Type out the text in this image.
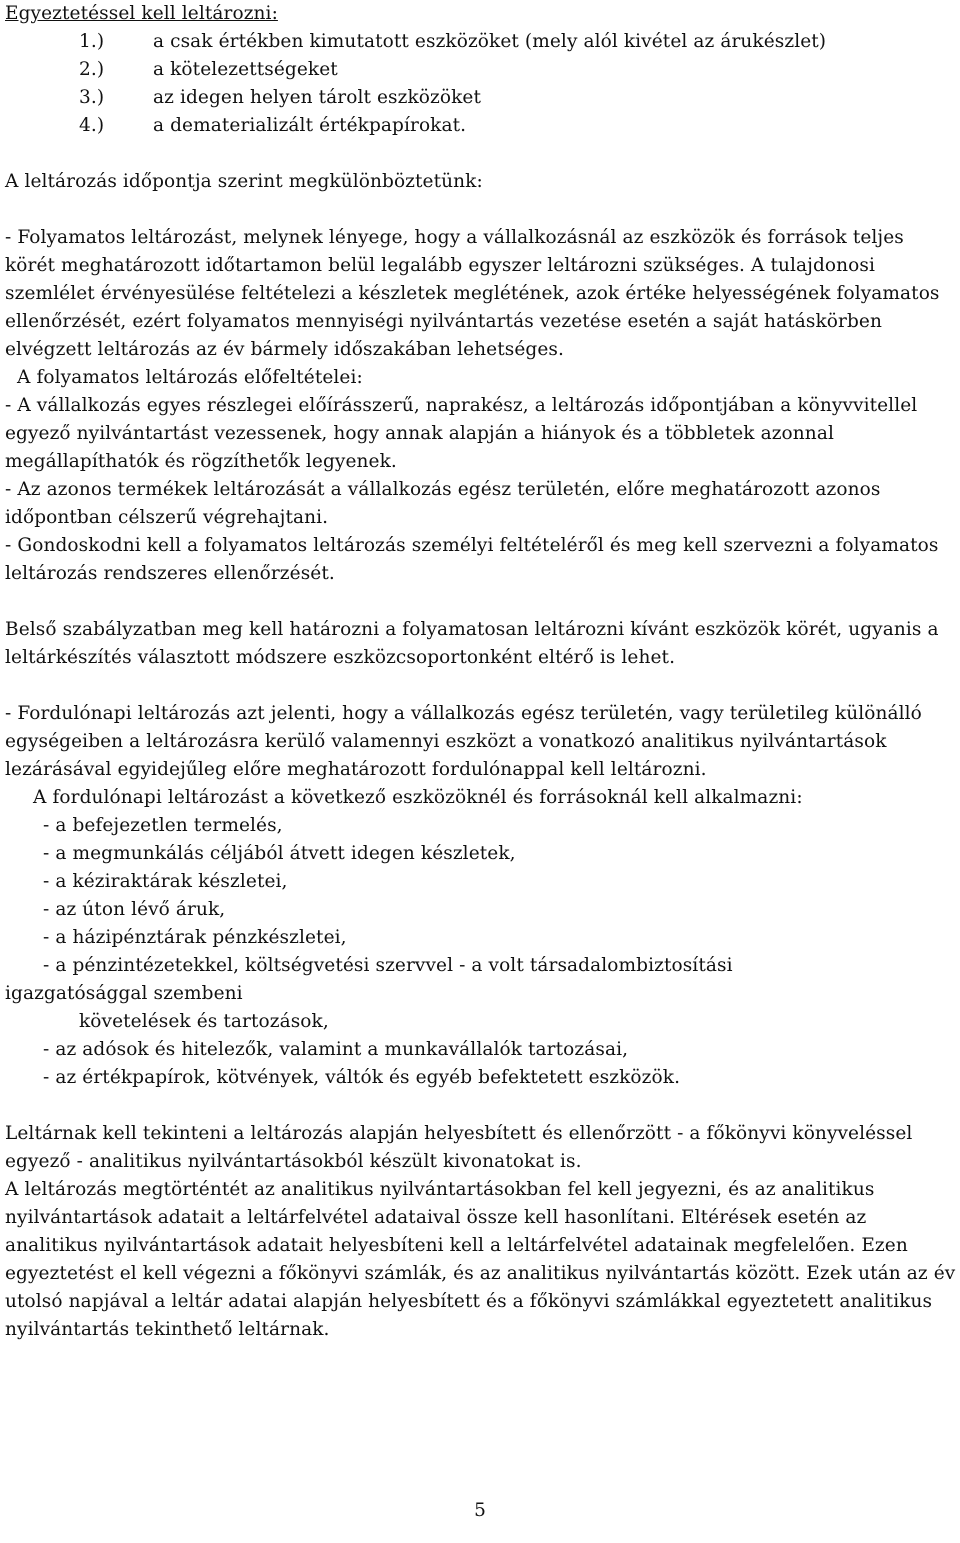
Egyeztetéssel kell leltározni:

1.)	a csak értékben kimutatott eszközöket (mely alól kivétel az árukészlet)
2.)	a kötelezettségeket
3.)	az idegen helyen tárolt eszközöket
4.)	a dematerializált értékpapírokat.

A leltározás időpontja szerint megkülönböztetünk:

- Folyamatos leltározást, melynek lényege, hogy a vállalkozásnál az eszközök és források teljes körét meghatározott időtartamon belül legalább egyszer leltározni szükséges. A tulajdonosi szemlélet érvényesülése feltételezi a készletek meglétének, azok értéke helyességének folyamatos ellenőrzését, ezért folyamatos mennyiségi nyilvántartás vezetése esetén a saját hatáskörben elvégzett leltározás az év bármely időszakában lehetséges.

A folyamatos leltározás előfeltételei:

- A vállalkozás egyes részlegei előírásszerű, naprakész, a leltározás időpontjában a könyvvitellel egyező nyilvántartást vezessenek, hogy annak alapján a hiányok és a többletek azonnal megállapíthatók és rögzíthetők legyenek.

- Az azonos termékek leltározását a vállalkozás egész területén, előre meghatározott azonos időpontban célszerű végrehajtani.

- Gondoskodni kell a folyamatos leltározás személyi feltételéről és meg kell szervezni a folyamatos leltározás rendszeres ellenőrzését.

Belső szabályzatban meg kell határozni a folyamatosan leltározni kívánt eszközök körét, ugyanis a leltárkészítés választott módszere eszközcsoportonként eltérő is lehet.

- Fordulónapi leltározás azt jelenti, hogy a vállalkozás egész területén, vagy területileg különálló egységeiben a leltározásra kerülő valamennyi eszközt a vonatkozó analitikus nyilvántartások lezárásával egyidejűleg előre meghatározott fordulónappal kell leltározni.

A fordulónapi leltározást a következő eszközöknél és forrásoknál kell alkalmazni:

- a befejezetlen termelés,

- a megmunkálás céljából átvett idegen készletek,

- a kéziraktárak készletei,

- az úton lévő áruk,

- a házipénztárak pénzkészletei,

- a pénzintézetekkel, költségvetési szervvel - a volt társadalombiztosítási

igazgatósággal szembeni

követelések és tartozások,

- az adósok és hitelezők, valamint a munkavállalók tartozásai,

- az értékpapírok, kötvények, váltók és egyéb befektetett eszközök.

Leltárnak kell tekinteni a leltározás alapján helyesbített és ellenőrzött - a főkönyvi könyveléssel egyező - analitikus nyilvántartásokból készült kivonatokat is.

A leltározás megtörténtét az analitikus nyilvántartásokban fel kell jegyezni, és az analitikus nyilvántartások adatait a leltárfelvétel adataival össze kell hasonlítani. Eltérések esetén az analitikus nyilvántartások adatait helyesbíteni kell a leltárfelvétel adatainak megfelelően. Ezen egyeztetést el kell végezni a főkönyvi számlák, és az analitikus nyilvántartás között. Ezek után az év utolsó napjával a leltár adatai alapján helyesbített és a főkönyvi számlákkal egyeztetett analitikus nyilvántartás tekinthető leltárnak.

5
